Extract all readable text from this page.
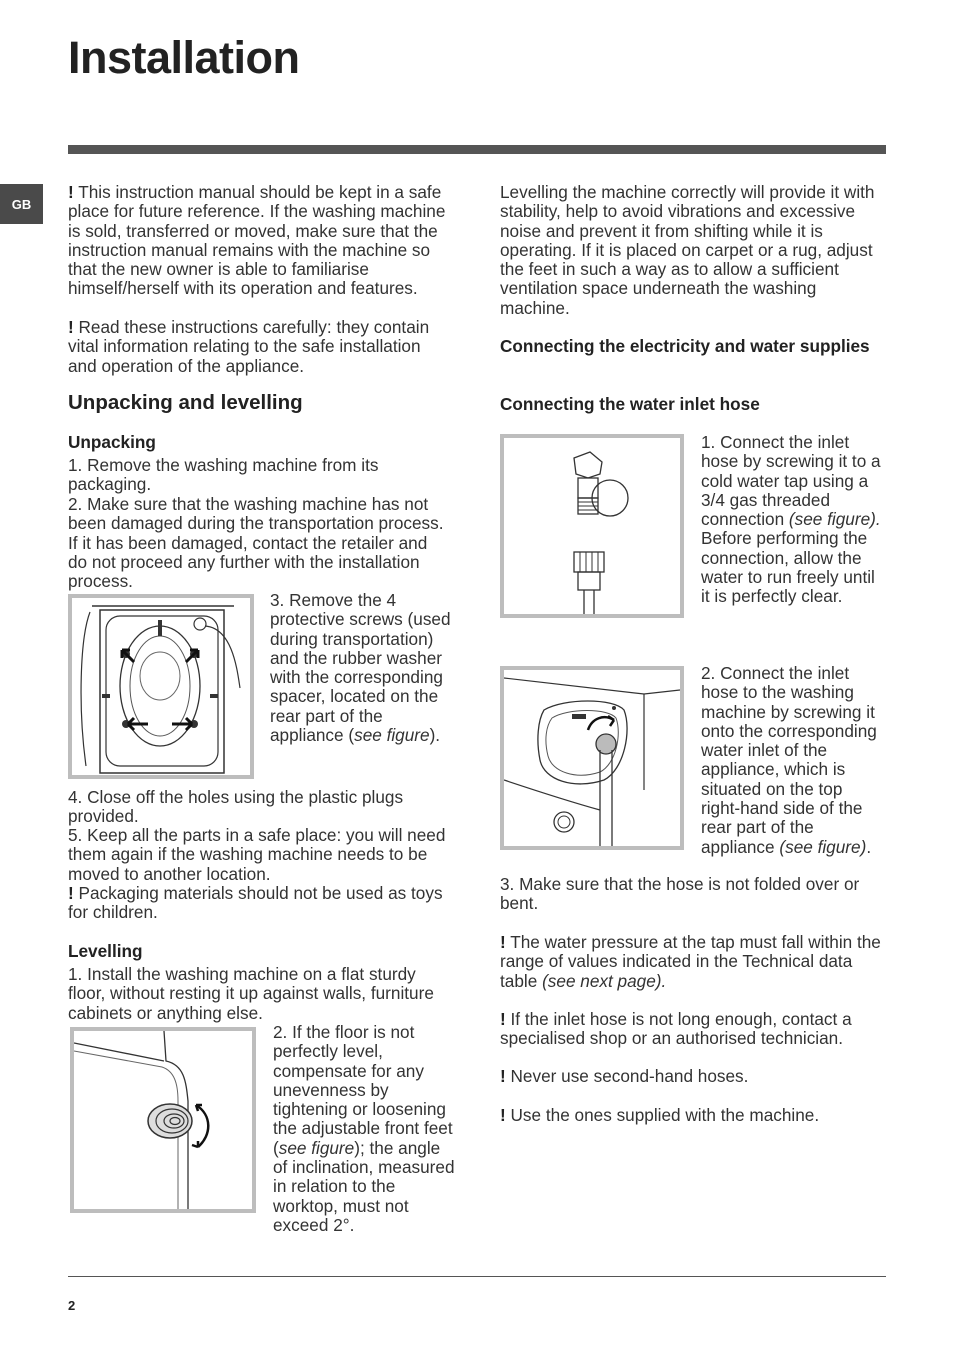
Installation
GB

! This instruction manual should be kept in a safe place for future reference. If the washing machine is sold, transferred or moved, make sure that the instruction manual remains with the machine so that the new owner is able to familiarise himself/herself with its operation and features.

! Read these instructions carefully: they contain vital information relating to the safe installation and operation of the appliance.

Unpacking and levelling
Unpacking

1. Remove the washing machine from its packaging.

2. Make sure that the washing machine has not been damaged during the transportation process. If it has been damaged, contact the retailer and do not proceed any further with the installation process.

3. Remove the 4 protective screws (used during transportation) and the rubber washer with the corresponding spacer, located on the rear part of the appliance (see figure).

4. Close off the holes using the plastic plugs provided.

5. Keep all the parts in a safe place: you will need them again if the washing machine needs to be moved to another location.

! Packaging materials should not be used as toys for children.

Levelling

1. Install the washing machine on a flat sturdy floor, without resting it up against walls, furniture cabinets or anything else.

2. If the floor is not perfectly level, compensate for any unevenness by tightening or loosening the adjustable front feet (see figure); the angle of inclination, measured in relation to the worktop, must not exceed 2°.

Levelling the machine correctly will provide it with stability, help to avoid vibrations and excessive noise and prevent it from shifting while it is operating. If it is placed on carpet or a rug, adjust the feet in such a way as to allow a sufficient ventilation space underneath the washing machine.

Connecting the electricity and water supplies
Connecting the water inlet hose

1. Connect the inlet hose by screwing it to a cold water tap using a 3/4 gas threaded connection (see figure).
Before performing the connection, allow the water to run freely until it is perfectly clear.

2. Connect the inlet hose to the washing machine by screwing it onto the corresponding water inlet of the appliance, which is situated on the top right-hand side of the rear part of the appliance (see figure).

3. Make sure that the hose is not folded over or bent.

! The water pressure at the tap must fall within the range of values indicated in the Technical data table (see next page).

! If the inlet hose is not long enough, contact a specialised shop or an authorised technician.

! Never use second-hand hoses.

! Use the ones supplied with the machine.

2
